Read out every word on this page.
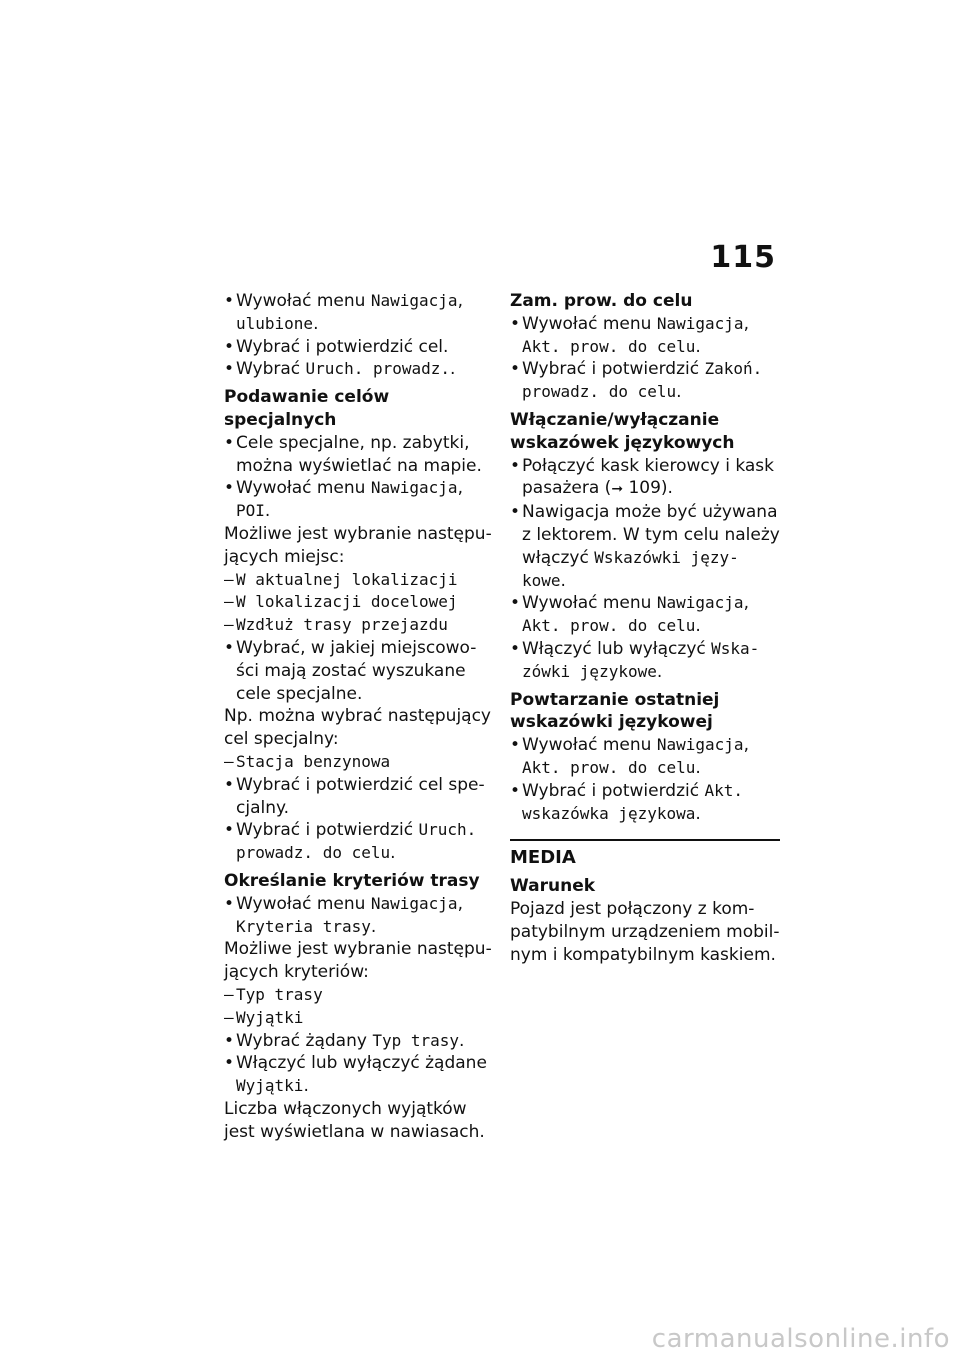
115
• Wywołać menu Nawigacja,
ulubione.
• Wybrać i potwierdzić cel.
• Wybrać Uruch. prowadz..
Podawanie celów specjalnych
• Cele specjalne, np. zabytki,
można wyświetlać na mapie.
• Wywołać menu Nawigacja,
POI.
Możliwe jest wybranie następu-
jących miejsc:
– W aktualnej lokalizacji
– W lokalizacji docelowej
– Wzdłuż trasy przejazdu
• Wybrać, w jakiej miejscowo-
ści mają zostać wyszukane
cele specjalne.
Np. można wybrać następujący
cel specjalny:
– Stacja benzynowa
• Wybrać i potwierdzić cel spe-
cjalny.
• Wybrać i potwierdzić Uruch.
prowadz. do celu.
Określanie kryteriów trasy
• Wywołać menu Nawigacja,
Kryteria trasy.
Możliwe jest wybranie następu-
jących kryteriów:
– Typ trasy
– Wyjątki
• Wybrać żądany Typ trasy.
• Włączyć lub wyłączyć żądane
Wyjątki.
Liczba włączonych wyjątków
jest wyświetlana w nawiasach.
Zam. prow. do celu
• Wywołać menu Nawigacja,
Akt. prow. do celu.
• Wybrać i potwierdzić Zakoń.
prowadz. do celu.
Włączanie/wyłączanie
wskazówek językowych
• Połączyć kask kierowcy i kask
pasażera (➞ 109).
• Nawigacja może być używana
z lektorem. W tym celu należy
włączyć Wskazówki języ-
kowe.
• Wywołać menu Nawigacja,
Akt. prow. do celu.
• Włączyć lub wyłączyć Wska-
zówki językowe.
Powtarzanie ostatniej
wskazówki językowej
• Wywołać menu Nawigacja,
Akt. prow. do celu.
• Wybrać i potwierdzić Akt.
wskazówka językowa.
MEDIA
Warunek
Pojazd jest połączony z kom-
patybilnym urządzeniem mobil-
nym i kompatybilnym kaskiem.
carmanualsonline.info
